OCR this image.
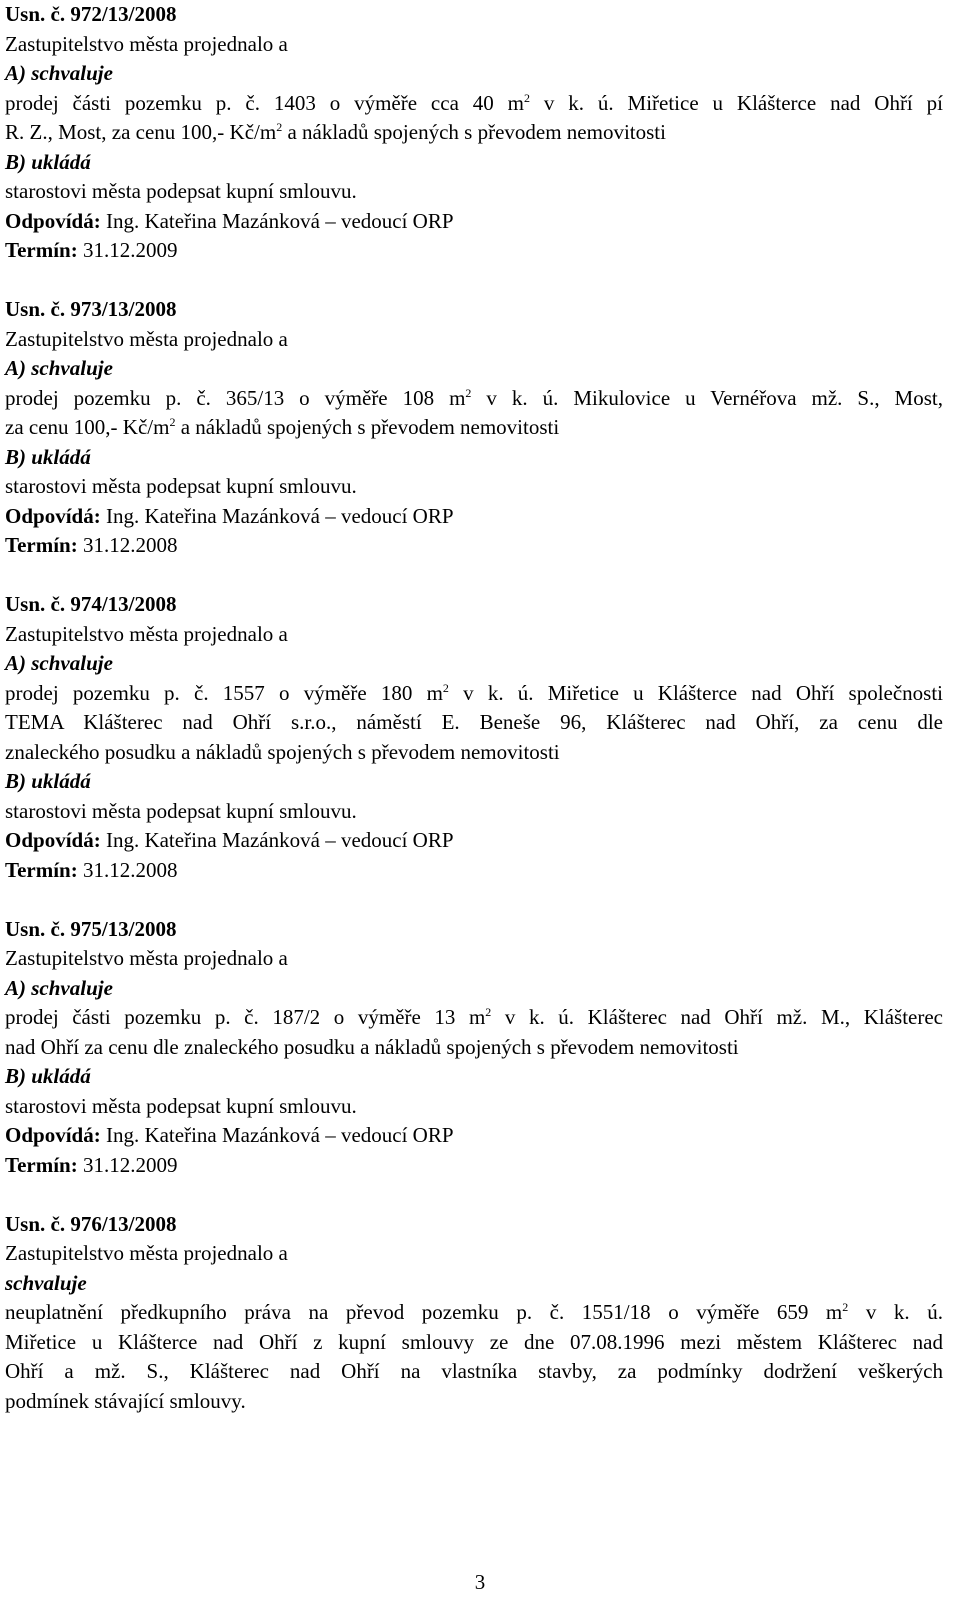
Usn. č. 972/13/2008
Zastupitelstvo města projednalo a
A) schvaluje
prodej části pozemku p. č. 1403 o výměře cca 40 $m^2$ v k. ú. Miřetice u Klášterce nad Ohří pí
R. Z., Most, za cenu 100,- $Kč/m^2$ a nákladů spojených s převodem nemovitosti
B) ukládá
starostovi města podepsat kupní smlouvu.
Odpovídá: Ing. Kateřina Mazánková – vedoucí ORP
Termín: 31.12.2009
Usn. č. 973/13/2008
Zastupitelstvo města projednalo a
A) schvaluje
prodej pozemku p. č. 365/13 o výměře 108 $m^2$ v k. ú. Mikulovice u Vernéřova mž. S., Most,
za cenu 100,- $Kč/m^2$ a nákladů spojených s převodem nemovitosti
B) ukládá
starostovi města podepsat kupní smlouvu.
Odpovídá: Ing. Kateřina Mazánková – vedoucí ORP
Termín: 31.12.2008
Usn. č. 974/13/2008
Zastupitelstvo města projednalo a
A) schvaluje
prodej pozemku p. č. 1557 o výměře 180 $m^2$ v k. ú. Miřetice u Klášterce nad Ohří společnosti
TEMA Klášterec nad Ohří s.r.o., náměstí E. Beneše 96, Klášterec nad Ohří, za cenu dle
znaleckého posudku a nákladů spojených s převodem nemovitosti
B) ukládá
starostovi města podepsat kupní smlouvu.
Odpovídá: Ing. Kateřina Mazánková – vedoucí ORP
Termín: 31.12.2008
Usn. č. 975/13/2008
Zastupitelstvo města projednalo a
A) schvaluje
prodej části pozemku p. č. 187/2 o výměře 13 $m^2$ v k. ú. Klášterec nad Ohří mž. M., Klášterec
nad Ohří za cenu dle znaleckého posudku a nákladů spojených s převodem nemovitosti
B) ukládá
starostovi města podepsat kupní smlouvu.
Odpovídá: Ing. Kateřina Mazánková – vedoucí ORP
Termín: 31.12.2009
Usn. č. 976/13/2008
Zastupitelstvo města projednalo a
schvaluje
neuplatnění předkupního práva na převod pozemku p. č. 1551/18 o výměře 659 $m^2$ v k. ú.
Miřetice u Klášterce nad Ohří z kupní smlouvy ze dne 07.08.1996 mezi městem Klášterec nad
Ohří a mž. S., Klášterec nad Ohří na vlastníka stavby, za podmínky dodržení veškerých
podmínek stávající smlouvy.
3
